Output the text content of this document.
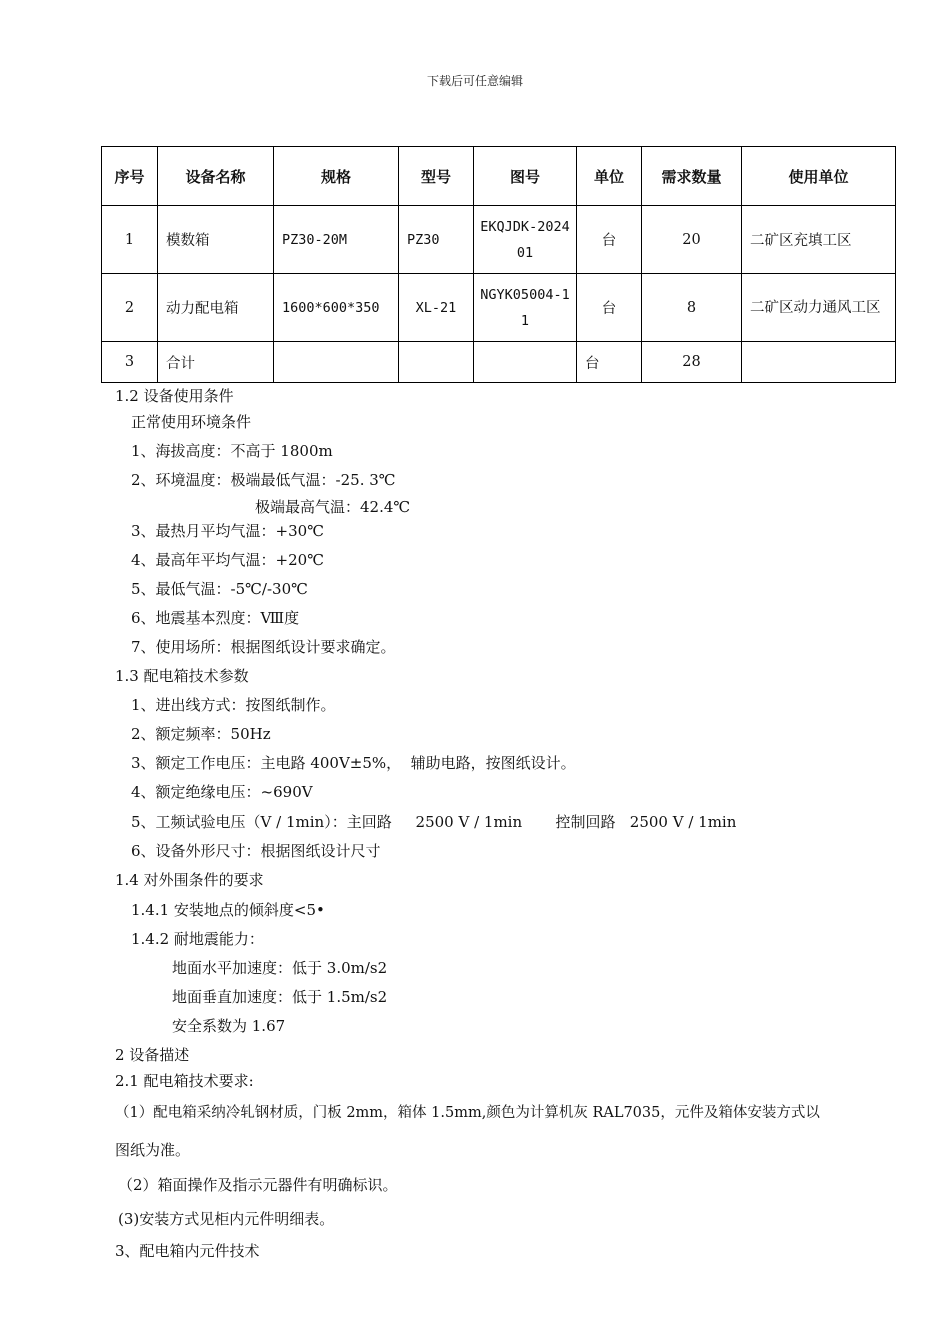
下载后可任意编辑
序号	设备名称	规格	型号	图号	单位	需求数量	使用单位
1	模数箱	PZ30-20M	PZ30	EKQJDK-202401	台	20	二矿区充填工区
2	动力配电箱	1600*600*350	XL-21	NGYK05004-11	台	8	二矿区动力通风工区
3	合计				台	28	
1.2 设备使用条件
正常使用环境条件
1、海拔高度：不高于 1800m
2、环境温度：极端最低气温：-25. 3℃
极端最高气温：42.4℃
3、最热月平均气温：+30℃
4、最高年平均气温：+20℃
5、最低气温：-5℃/-30℃
6、地震基本烈度：Ⅷ度
7、使用场所：根据图纸设计要求确定。
1.3 配电箱技术参数
1、进出线方式：按图纸制作。
2、额定频率：50Hz
3、额定工作电压：主电路 400V±5%，  辅助电路，按图纸设计。
4、额定绝缘电压：~690V
5、工频试验电压（V / 1min）：主回路     2500 V / 1min       控制回路   2500 V / 1min
6、设备外形尺寸：根据图纸设计尺寸
1.4 对外围条件的要求
1.4.1 安装地点的倾斜度<5•
1.4.2 耐地震能力：
地面水平加速度：低于 3.0m/s2
地面垂直加速度：低于 1.5m/s2
安全系数为 1.67
2 设备描述
2.1 配电箱技术要求:
（1）配电箱采纳冷轧钢材质，门板 2mm，箱体 1.5mm,颜色为计算机灰 RAL7035，元件及箱体安装方式以
图纸为准。
（2）箱面操作及指示元器件有明确标识。
(3)安装方式见柜内元件明细表。
3、配电箱内元件技术
